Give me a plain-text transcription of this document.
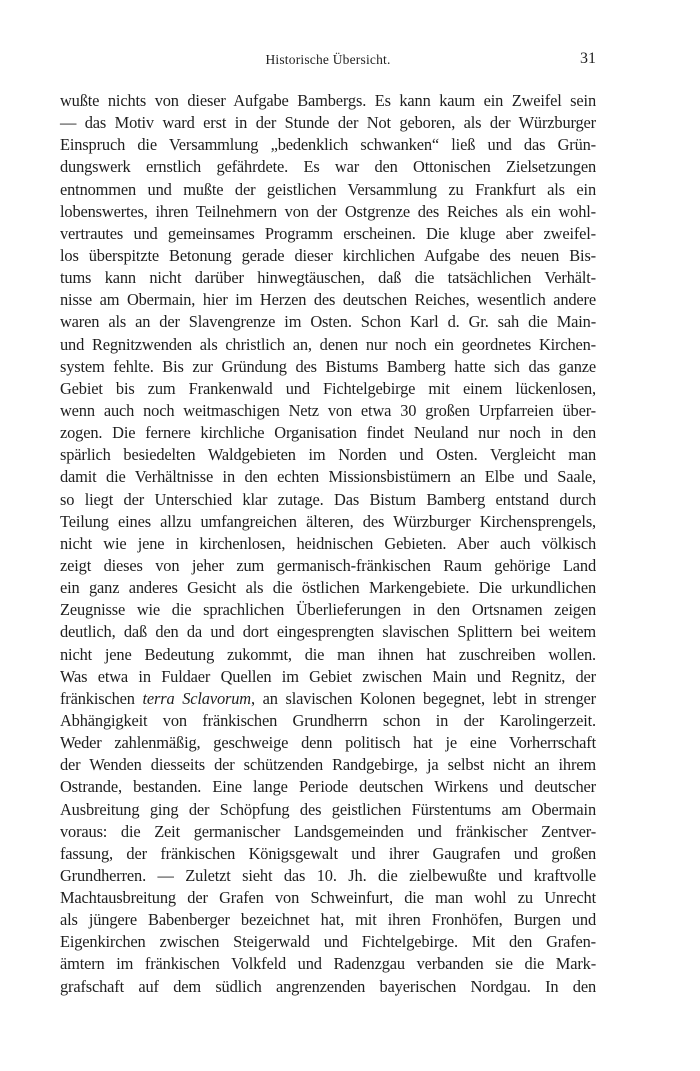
Historische Übersicht.	31
wußte nichts von dieser Aufgabe Bambergs. Es kann kaum ein Zweifel sein
— das Motiv ward erst in der Stunde der Not geboren, als der Würzburger
Einspruch die Versammlung „bedenklich schwanken“ ließ und das Grün-
dungswerk ernstlich gefährdete. Es war den Ottonischen Zielsetzungen
entnommen und mußte der geistlichen Versammlung zu Frankfurt als ein
lobenswertes, ihren Teilnehmern von der Ostgrenze des Reiches als ein wohl-
vertrautes und gemeinsames Programm erscheinen. Die kluge aber zweifel-
los überspitzte Betonung gerade dieser kirchlichen Aufgabe des neuen Bis-
tums kann nicht darüber hinwegtäuschen, daß die tatsächlichen Verhält-
nisse am Obermain, hier im Herzen des deutschen Reiches, wesentlich andere
waren als an der Slavengrenze im Osten. Schon Karl d. Gr. sah die Main-
und Regnitzwenden als christlich an, denen nur noch ein geordnetes Kirchen-
system fehlte. Bis zur Gründung des Bistums Bamberg hatte sich das ganze
Gebiet bis zum Frankenwald und Fichtelgebirge mit einem lückenlosen,
wenn auch noch weitmaschigen Netz von etwa 30 großen Urpfarreien über-
zogen. Die fernere kirchliche Organisation findet Neuland nur noch in den
spärlich besiedelten Waldgebieten im Norden und Osten. Vergleicht man
damit die Verhältnisse in den echten Missionsbistümern an Elbe und Saale,
so liegt der Unterschied klar zutage. Das Bistum Bamberg entstand durch
Teilung eines allzu umfangreichen älteren, des Würzburger Kirchensprengels,
nicht wie jene in kirchenlosen, heidnischen Gebieten. Aber auch völkisch
zeigt dieses von jeher zum germanisch-fränkischen Raum gehörige Land
ein ganz anderes Gesicht als die östlichen Markengebiete. Die urkundlichen
Zeugnisse wie die sprachlichen Überlieferungen in den Ortsnamen zeigen
deutlich, daß den da und dort eingesprengten slavischen Splittern bei weitem
nicht jene Bedeutung zukommt, die man ihnen hat zuschreiben wollen.
Was etwa in Fuldaer Quellen im Gebiet zwischen Main und Regnitz, der
fränkischen terra Sclavorum, an slavischen Kolonen begegnet, lebt in strenger
Abhängigkeit von fränkischen Grundherrn schon in der Karolingerzeit.
Weder zahlenmäßig, geschweige denn politisch hat je eine Vorherrschaft
der Wenden diesseits der schützenden Randgebirge, ja selbst nicht an ihrem
Ostrande, bestanden. Eine lange Periode deutschen Wirkens und deutscher
Ausbreitung ging der Schöpfung des geistlichen Fürstentums am Obermain
voraus: die Zeit germanischer Landsgemeinden und fränkischer Zentver-
fassung, der fränkischen Königsgewalt und ihrer Gaugrafen und großen
Grundherren. — Zuletzt sieht das 10. Jh. die zielbewußte und kraftvolle
Machtausbreitung der Grafen von Schweinfurt, die man wohl zu Unrecht
als jüngere Babenberger bezeichnet hat, mit ihren Fronhöfen, Burgen und
Eigenkirchen zwischen Steigerwald und Fichtelgebirge. Mit den Grafen-
ämtern im fränkischen Volkfeld und Radenzgau verbanden sie die Mark-
grafschaft auf dem südlich angrenzenden bayerischen Nordgau. In den
